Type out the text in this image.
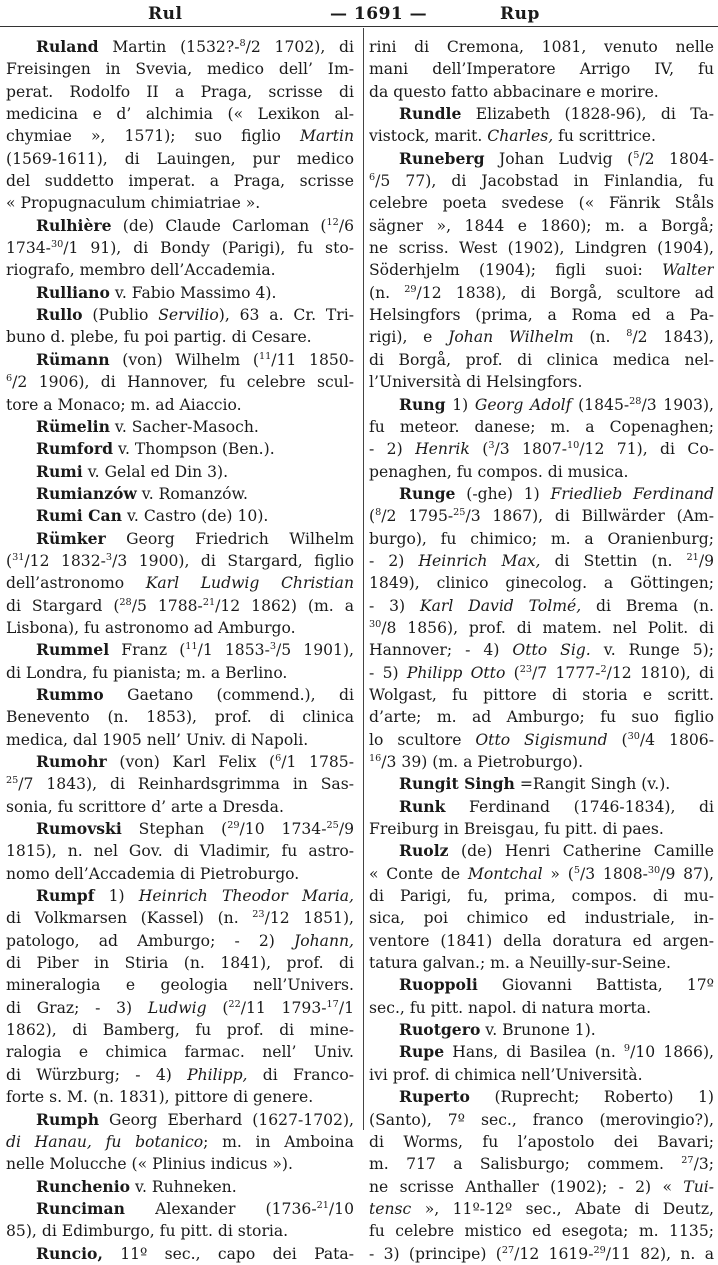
Rul	— 1691 —	Rup
Ruland Martin (1532?-$^8$/2 1702), di
Freisingen in Svevia, medico dell’ Im-
perat. Rodolfo II a Praga, scrisse di
medicina e d’ alchimia (« Lexikon al-
chymiae », 1571); suo figlio Martin
(1569-1611), di Lauingen, pur medico
del suddetto imperat. a Praga, scrisse
« Propugnaculum chimiatriae ».
Rulhière (de) Claude Carloman ($^{12}$/6
1734-$^{30}$/1 91), di Bondy (Parigi), fu sto-
riografo, membro dell’Accademia.
Rulliano v. Fabio Massimo 4).
Rullo (Publio Servilio), 63 a. Cr. Tri-
buno d. plebe, fu poi partig. di Cesare.
Rümann (von) Wilhelm ($^{11}$/11 1850-
$^6$/2 1906), di Hannover, fu celebre scul-
tore a Monaco; m. ad Aiaccio.
Rümelin v. Sacher-Masoch.
Rumford v. Thompson (Ben.).
Rumi v. Gelal ed Din 3).
Rumianzów v. Romanzów.
Rumi Can v. Castro (de) 10).
Rümker Georg Friedrich Wilhelm
($^{31}$/12 1832-$^3$/3 1900), di Stargard, figlio
dell’astronomo Karl Ludwig Christian
di Stargard ($^{28}$/5 1788-$^{21}$/12 1862) (m. a
Lisbona), fu astronomo ad Amburgo.
Rummel Franz ($^{11}$/1 1853-$^3$/5 1901),
di Londra, fu pianista; m. a Berlino.
Rummo Gaetano (commend.), di
Benevento (n. 1853), prof. di clinica
medica, dal 1905 nell’ Univ. di Napoli.
Rumohr (von) Karl Felix ($^6$/1 1785-
$^{25}$/7 1843), di Reinhardsgrimma in Sas-
sonia, fu scrittore d’ arte a Dresda.
Rumovski Stephan ($^{29}$/10 1734-$^{25}$/9
1815), n. nel Gov. di Vladimir, fu astro-
nomo dell’Accademia di Pietroburgo.
Rumpf 1) Heinrich Theodor Maria,
di Volkmarsen (Kassel) (n. $^{23}$/12 1851),
patologo, ad Amburgo; - 2) Johann,
di Piber in Stiria (n. 1841), prof. di
mineralogia e geologia nell’Univers.
di Graz; - 3) Ludwig ($^{22}$/11 1793-$^{17}$/1
1862), di Bamberg, fu prof. di mine-
ralogia e chimica farmac. nell’ Univ.
di Würzburg; - 4) Philipp, di Franco-
forte s. M. (n. 1831), pittore di genere.
Rumph Georg Eberhard (1627-1702),
di Hanau, fu botanico; m. in Amboina
nelle Molucche (« Plinius indicus »).
Runchenio v. Ruhneken.
Runciman Alexander (1736-$^{21}$/10
85), di Edimburgo, fu pitt. di storia.
Runcio, 11º sec., capo dei Pata-
rini di Cremona, 1081, venuto nelle
mani dell’Imperatore Arrigo IV, fu
da questo fatto abbacinare e morire.
Rundle Elizabeth (1828-96), di Ta-
vistock, marit. Charles, fu scrittrice.
Runeberg Johan Ludvig ($^5$/2 1804-
$^6$/5 77), di Jacobstad in Finlandia, fu
celebre poeta svedese (« Fänrik Ståls
sägner », 1844 e 1860); m. a Borgå;
ne scriss. West (1902), Lindgren (1904),
Söderhjelm (1904); figli suoi: Walter
(n. $^{29}$/12 1838), di Borgå, scultore ad
Helsingfors (prima, a Roma ed a Pa-
rigi), e Johan Wilhelm (n. $^8$/2 1843),
di Borgå, prof. di clinica medica nel-
l’Università di Helsingfors.
Rung 1) Georg Adolf (1845-$^{28}$/3 1903),
fu meteor. danese; m. a Copenaghen;
- 2) Henrik ($^3$/3 1807-$^{10}$/12 71), di Co-
penaghen, fu compos. di musica.
Runge (-ghe) 1) Friedlieb Ferdinand
($^8$/2 1795-$^{25}$/3 1867), di Billwärder (Am-
burgo), fu chimico; m. a Oranienburg;
- 2) Heinrich Max, di Stettin (n. $^{21}$/9
1849), clinico ginecolog. a Göttingen;
- 3) Karl David Tolmé, di Brema (n.
$^{30}$/8 1856), prof. di matem. nel Polit. di
Hannover; - 4) Otto Sig. v. Runge 5);
- 5) Philipp Otto ($^{23}$/7 1777-$^2$/12 1810), di
Wolgast, fu pittore di storia e scritt.
d’arte; m. ad Amburgo; fu suo figlio
lo scultore Otto Sigismund ($^{30}$/4 1806-
$^{16}$/3 39) (m. a Pietroburgo).
Rungit Singh =Rangit Singh (v.).
Runk Ferdinand (1746-1834), di
Freiburg in Breisgau, fu pitt. di paes.
Ruolz (de) Henri Catherine Camille
« Conte de Montchal » ($^5$/3 1808-$^{30}$/9 87),
di Parigi, fu, prima, compos. di mu-
sica, poi chimico ed industriale, in-
ventore (1841) della doratura ed argen-
tatura galvan.; m. a Neuilly-sur-Seine.
Ruoppoli Giovanni Battista, 17º
sec., fu pitt. napol. di natura morta.
Ruotgero v. Brunone 1).
Rupe Hans, di Basilea (n. $^9$/10 1866),
ivi prof. di chimica nell’Università.
Ruperto (Ruprecht; Roberto) 1)
(Santo), 7º sec., franco (merovingio?),
di Worms, fu l’apostolo dei Bavari;
m. 717 a Salisburgo; commem. $^{27}$/3;
ne scrisse Anthaller (1902); - 2) « Tui-
tensc », 11º-12º sec., Abate di Deutz,
fu celebre mistico ed esegota; m. 1135;
- 3) (principe) ($^{27}$/12 1619-$^{29}$/11 82), n. a
